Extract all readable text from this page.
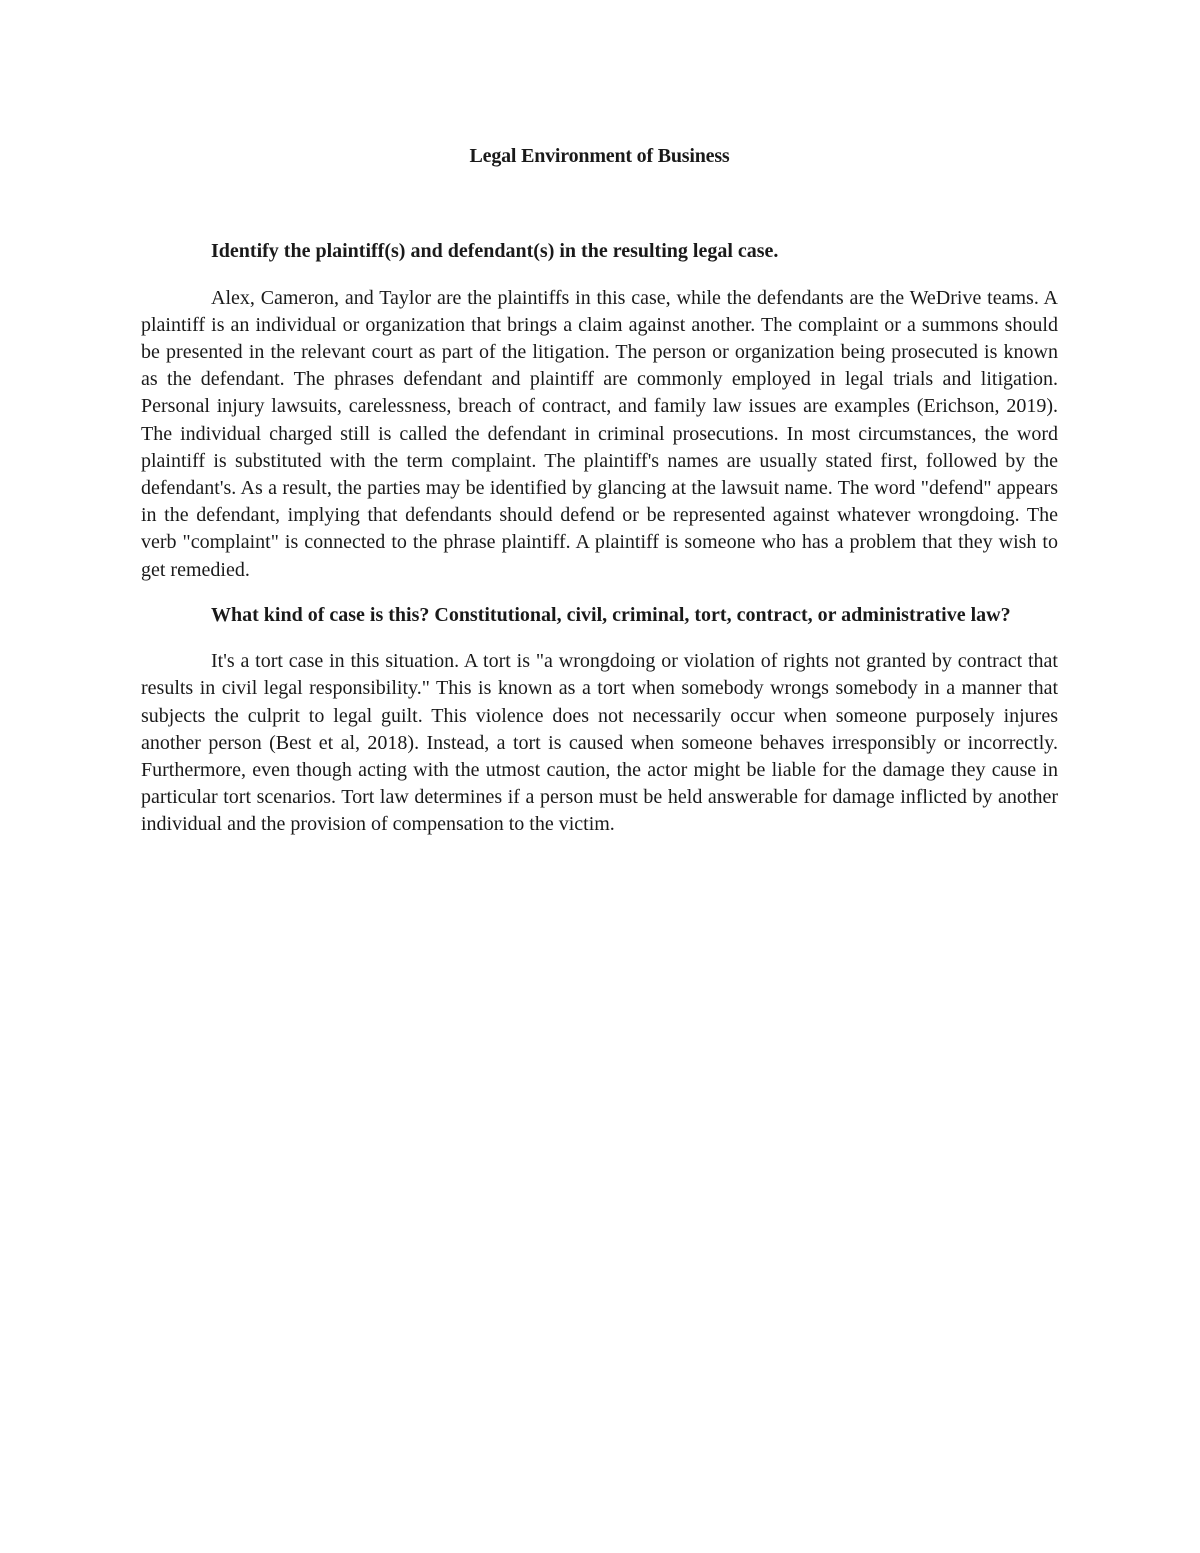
Legal Environment of Business

Identify the plaintiff(s) and defendant(s) in the resulting legal case.

Alex, Cameron, and Taylor are the plaintiffs in this case, while the defendants are the WeDrive teams. A plaintiff is an individual or organization that brings a claim against another. The complaint or a summons should be presented in the relevant court as part of the litigation. The person or organization being prosecuted is known as the defendant. The phrases defendant and plaintiff are commonly employed in legal trials and litigation. Personal injury lawsuits, carelessness, breach of contract, and family law issues are examples (Erichson, 2019). The individual charged still is called the defendant in criminal prosecutions. In most circumstances, the word plaintiff is substituted with the term complaint. The plaintiff's names are usually stated first, followed by the defendant's. As a result, the parties may be identified by glancing at the lawsuit name. The word "defend" appears in the defendant, implying that defendants should defend or be represented against whatever wrongdoing. The verb "complaint" is connected to the phrase plaintiff. A plaintiff is someone who has a problem that they wish to get remedied.

What kind of case is this? Constitutional, civil, criminal, tort, contract, or administrative law?

It's a tort case in this situation. A tort is "a wrongdoing or violation of rights not granted by contract that results in civil legal responsibility." This is known as a tort when somebody wrongs somebody in a manner that subjects the culprit to legal guilt. This violence does not necessarily occur when someone purposely injures another person (Best et al, 2018). Instead, a tort is caused when someone behaves irresponsibly or incorrectly. Furthermore, even though acting with the utmost caution, the actor might be liable for the damage they cause in particular tort scenarios. Tort law determines if a person must be held answerable for damage inflicted by another individual and the provision of compensation to the victim.
